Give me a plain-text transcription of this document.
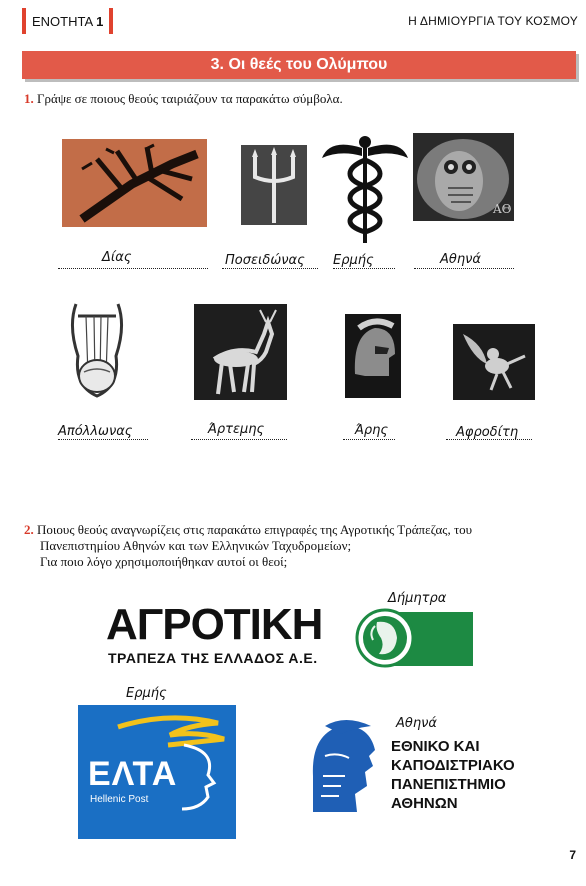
ΕΝΟΤΗΤΑ 1	Η ΔΗΜΙΟΥΡΓΙΑ ΤΟΥ ΚΟΣΜΟΥ
3. Οι θεές του Ολύμπου
1. Γράψε σε ποιους θεούς ταιριάζουν τα παρακάτω σύμβολα.
ΑΘ
Δίας	Ποσειδώνας Ερμής	Αθηνά
Απόλλωνας	Άρτεμης	Άρης	Αφροδίτη
2. Ποιους θεούς αναγνωρίζεις στις παρακάτω επιγραφές της Αγροτικής Τράπεζας, του
Πανεπιστημίου Αθηνών και των Ελληνικών Ταχυδρομείων;
Για ποιο λόγο χρησιμοποιήθηκαν αυτοί οι θεοί;
Δήμητρα
ΑΓΡΟΤΙΚΗ
ΤΡΑΠΕΖΑ ΤΗΣ ΕΛΛΑΔΟΣ Α.Ε.
Ερμής
ΕΛΤΑ
Hellenic Post
Αθηνά
ΕΘΝΙΚΟ ΚΑΙ
ΚΑΠΟΔΙΣΤΡΙΑΚΟ
ΠΑΝΕΠΙΣΤΗΜΙΟ
ΑΘΗΝΩΝ
7
